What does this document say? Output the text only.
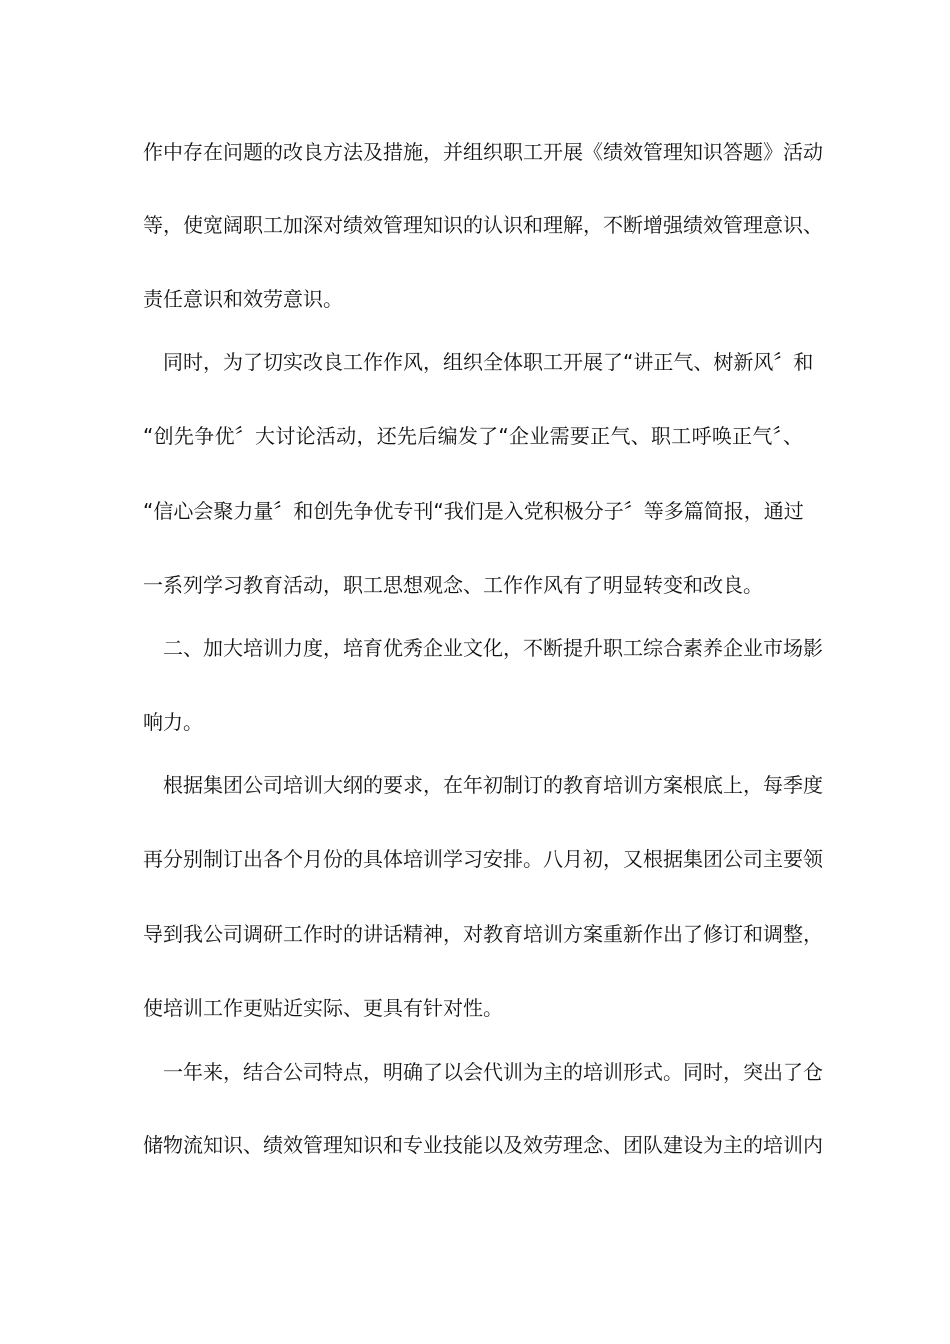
作中存在问题的改良方法及措施，并组织职工开展《绩效管理知识答题》活动
等，使宽阔职工加深对绩效管理知识的认识和理解，不断增强绩效管理意识、
责任意识和效劳意识。
　同时，为了切实改良工作作风，组织全体职工开展了“讲正气、树新风〞和
“创先争优〞大讨论活动，还先后编发了“企业需要正气、职工呼唤正气〞、
“信心会聚力量〞和创先争优专刊“我们是入党积极分子〞等多篇简报，通过
一系列学习教育活动，职工思想观念、工作作风有了明显转变和改良。
　二、加大培训力度，培育优秀企业文化，不断提升职工综合素养企业市场影
响力。
　根据集团公司培训大纲的要求，在年初制订的教育培训方案根底上，每季度
再分别制订出各个月份的具体培训学习安排。八月初，又根据集团公司主要领
导到我公司调研工作时的讲话精神，对教育培训方案重新作出了修订和调整，
使培训工作更贴近实际、更具有针对性。
　一年来，结合公司特点，明确了以会代训为主的培训形式。同时，突出了仓
储物流知识、绩效管理知识和专业技能以及效劳理念、团队建设为主的培训内
